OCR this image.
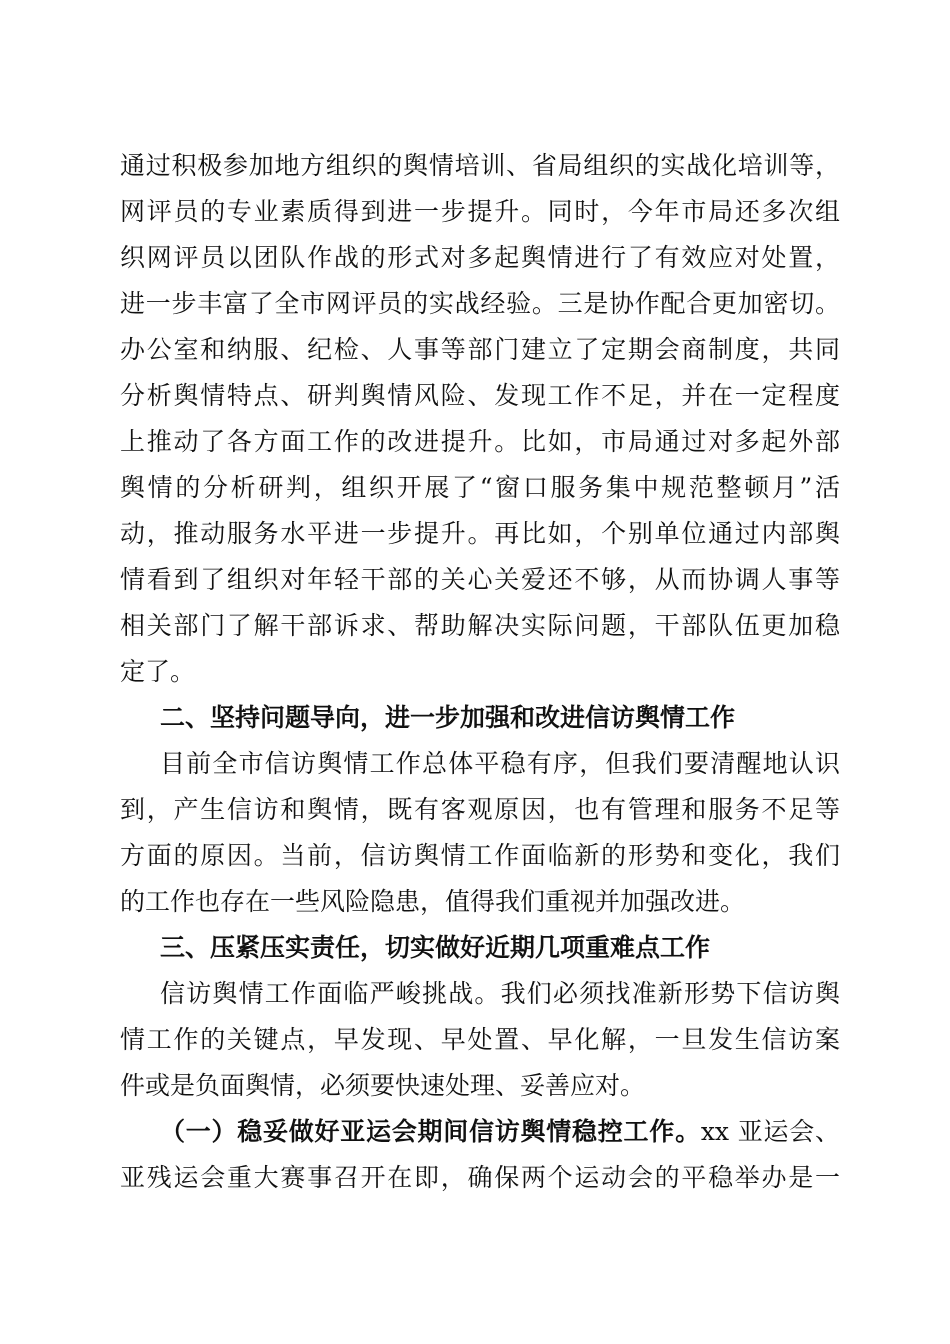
通过积极参加地方组织的舆情培训、省局组织的实战化培训等，
网评员的专业素质得到进一步提升。同时，今年市局还多次组
织网评员以团队作战的形式对多起舆情进行了有效应对处置，
进一步丰富了全市网评员的实战经验。三是协作配合更加密切。
办公室和纳服、纪检、人事等部门建立了定期会商制度，共同
分析舆情特点、研判舆情风险、发现工作不足，并在一定程度
上推动了各方面工作的改进提升。比如，市局通过对多起外部
舆情的分析研判，组织开展了“窗口服务集中规范整顿月”活
动，推动服务水平进一步提升。再比如，个别单位通过内部舆
情看到了组织对年轻干部的关心关爱还不够，从而协调人事等
相关部门了解干部诉求、帮助解决实际问题，干部队伍更加稳
定了。
二、坚持问题导向，进一步加强和改进信访舆情工作
目前全市信访舆情工作总体平稳有序，但我们要清醒地认识
到，产生信访和舆情，既有客观原因，也有管理和服务不足等
方面的原因。当前，信访舆情工作面临新的形势和变化，我们
的工作也存在一些风险隐患，值得我们重视并加强改进。
三、压紧压实责任，切实做好近期几项重难点工作
信访舆情工作面临严峻挑战。我们必须找准新形势下信访舆
情工作的关键点，早发现、早处置、早化解，一旦发生信访案
件或是负面舆情，必须要快速处理、妥善应对。
（一）稳妥做好亚运会期间信访舆情稳控工作。xx 亚运会、
亚残运会重大赛事召开在即，确保两个运动会的平稳举办是一
